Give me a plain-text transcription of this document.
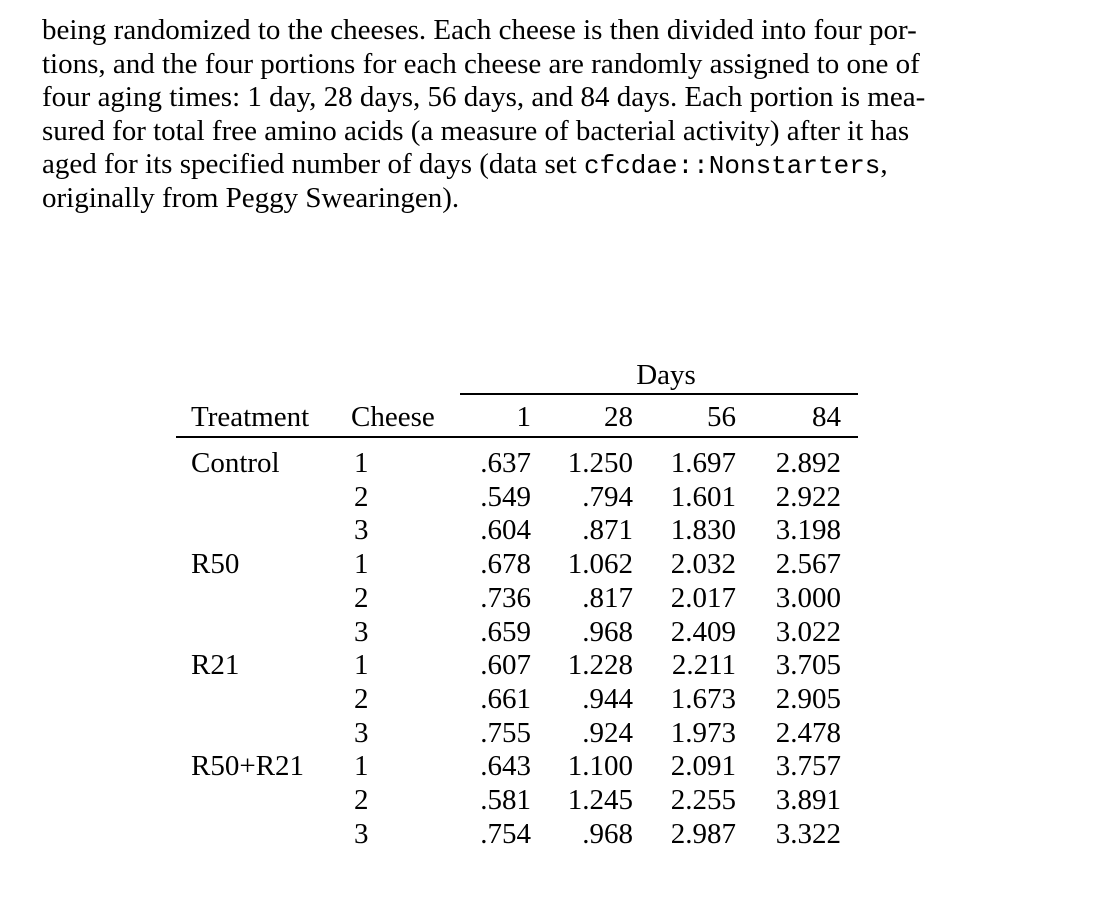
being randomized to the cheeses. Each cheese is then divided into four por-
tions, and the four portions for each cheese are randomly assigned to one of
four aging times: 1 day, 28 days, 56 days, and 84 days. Each portion is mea-
sured for total free amino acids (a measure of bacterial activity) after it has
aged for its specified number of days (data set cfcdae::Nonstarters,
originally from Peggy Swearingen).
Days
Treatment Cheese	1	28	56	84
Control	1	.637	1.250	1.697	2.892
2	.549	.794	1.601	2.922
3	.604	.871	1.830	3.198
R50	1	.678	1.062	2.032	2.567
2	.736	.817	2.017	3.000
3	.659	.968	2.409	3.022
R21	1	.607	1.228	2.211	3.705
2	.661	.944	1.673	2.905
3	.755	.924	1.973	2.478
R50+R21 1	.643	1.100	2.091	3.757
2	.581	1.245	2.255	3.891
3	.754	.968	2.987	3.322
